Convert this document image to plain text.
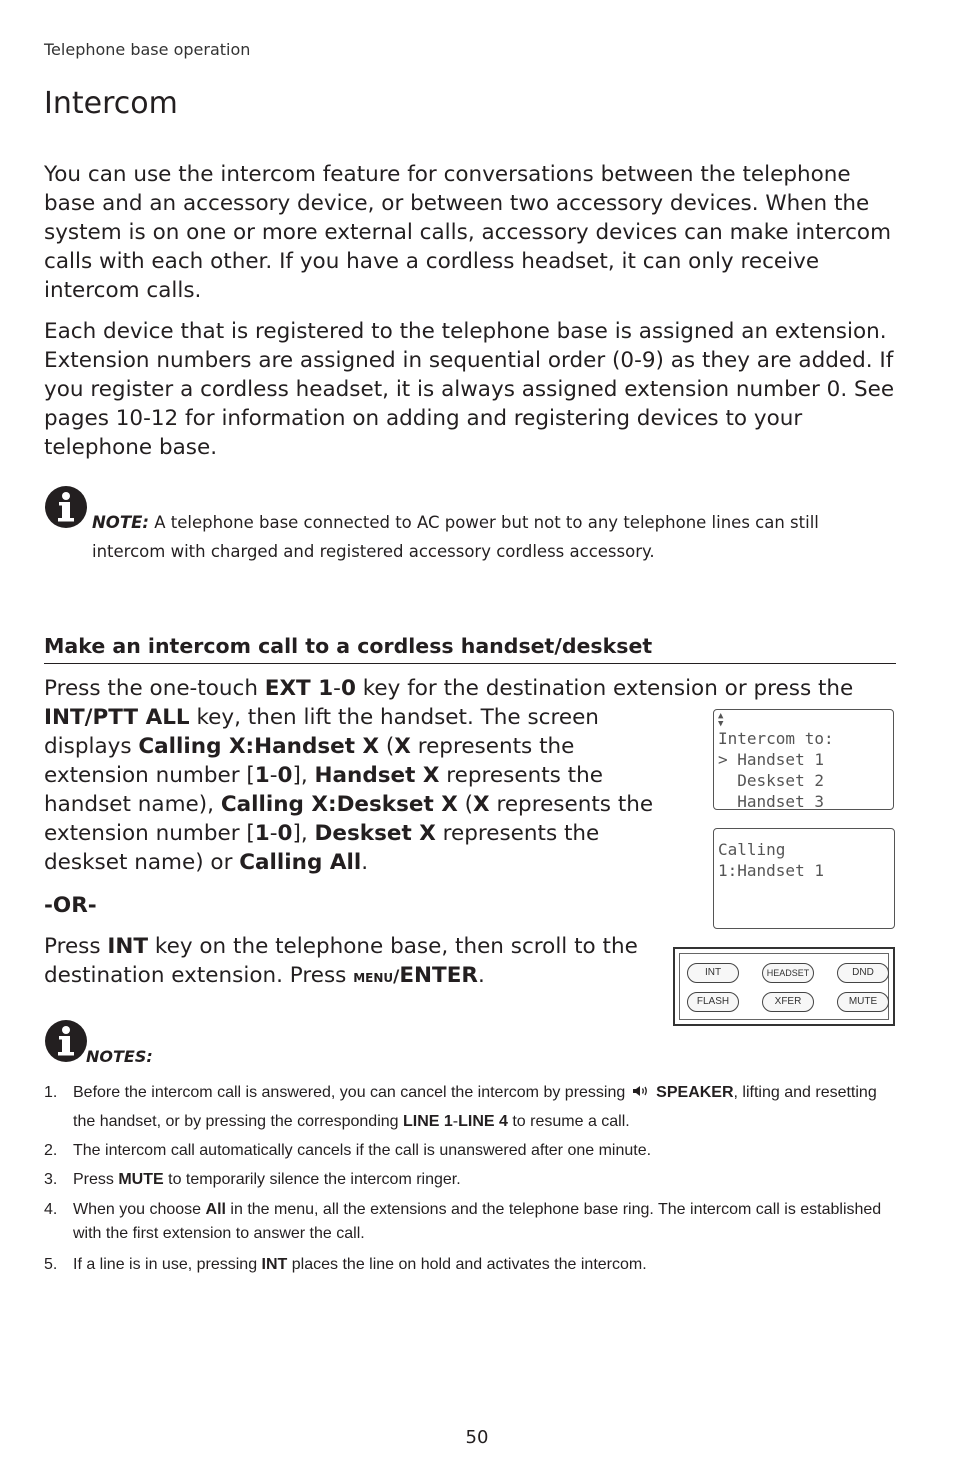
Telephone base operation
Intercom
You can use the intercom feature for conversations between the telephone base and an accessory device, or between two accessory devices. When the system is on one or more external calls, accessory devices can make intercom calls with each other. If you have a cordless headset, it can only receive intercom calls.
Each device that is registered to the telephone base is assigned an extension. Extension numbers are assigned in sequential order (0-9) as they are added. If you register a cordless headset, it is always assigned extension number 0. See pages 10-12 for information on adding and registering devices to your telephone base.
NOTE: A telephone base connected to AC power but not to any telephone lines can still intercom with charged and registered accessory cordless accessory.
Make an intercom call to a cordless handset/deskset
Press the one-touch EXT 1-0 key for the destination extension or press the
INT/PTT ALL key, then lift the handset. The screen displays Calling X:Handset X (X represents the extension number [1-0], Handset X represents the handset name), Calling X:Deskset X (X represents the extension number [1-0], Deskset X represents the deskset name) or Calling All.
-OR-
Press INT key on the telephone base, then scroll to the destination extension. Press menu/ENTER.
▲
▼
Intercom to:
> Handset 1
Deskset 2
Handset 3
Calling
1:Handset 1
INT	HEADSET	DND
FLASH	XFER	MUTE
NOTES:
1. Before the intercom call is answered, you can cancel the intercom by pressing  SPEAKER, lifting and resetting the handset, or by pressing the corresponding LINE 1-LINE 4 to resume a call.
2. The intercom call automatically cancels if the call is unanswered after one minute.
3. Press MUTE to temporarily silence the intercom ringer.
4. When you choose All in the menu, all the extensions and the telephone base ring. The intercom call is established with the first extension to answer the call.
5. If a line is in use, pressing INT places the line on hold and activates the intercom.
50
